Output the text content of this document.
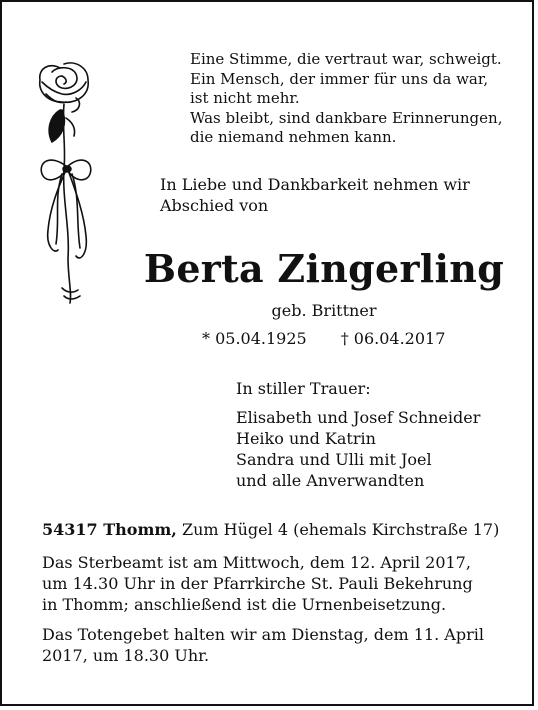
Eine Stimme, die vertraut war, schweigt.
Ein Mensch, der immer für uns da war,
ist nicht mehr.
Was bleibt, sind dankbare Erinnerungen,
die niemand nehmen kann.
In Liebe und Dankbarkeit nehmen wir
Abschied von
Berta Zingerling
geb. Brittner
* 05.04.1925 † 06.04.2017
In stiller Trauer:
Elisabeth und Josef Schneider
Heiko und Katrin
Sandra und Ulli mit Joel
und alle Anverwandten
54317 Thomm, Zum Hügel 4 (ehemals Kirchstraße 17)
Das Sterbeamt ist am Mittwoch, dem 12. April 2017,
um 14.30 Uhr in der Pfarrkirche St. Pauli Bekehrung
in Thomm; anschließend ist die Urnenbeisetzung.
Das Totengebet halten wir am Dienstag, dem 11. April
2017, um 18.30 Uhr.
